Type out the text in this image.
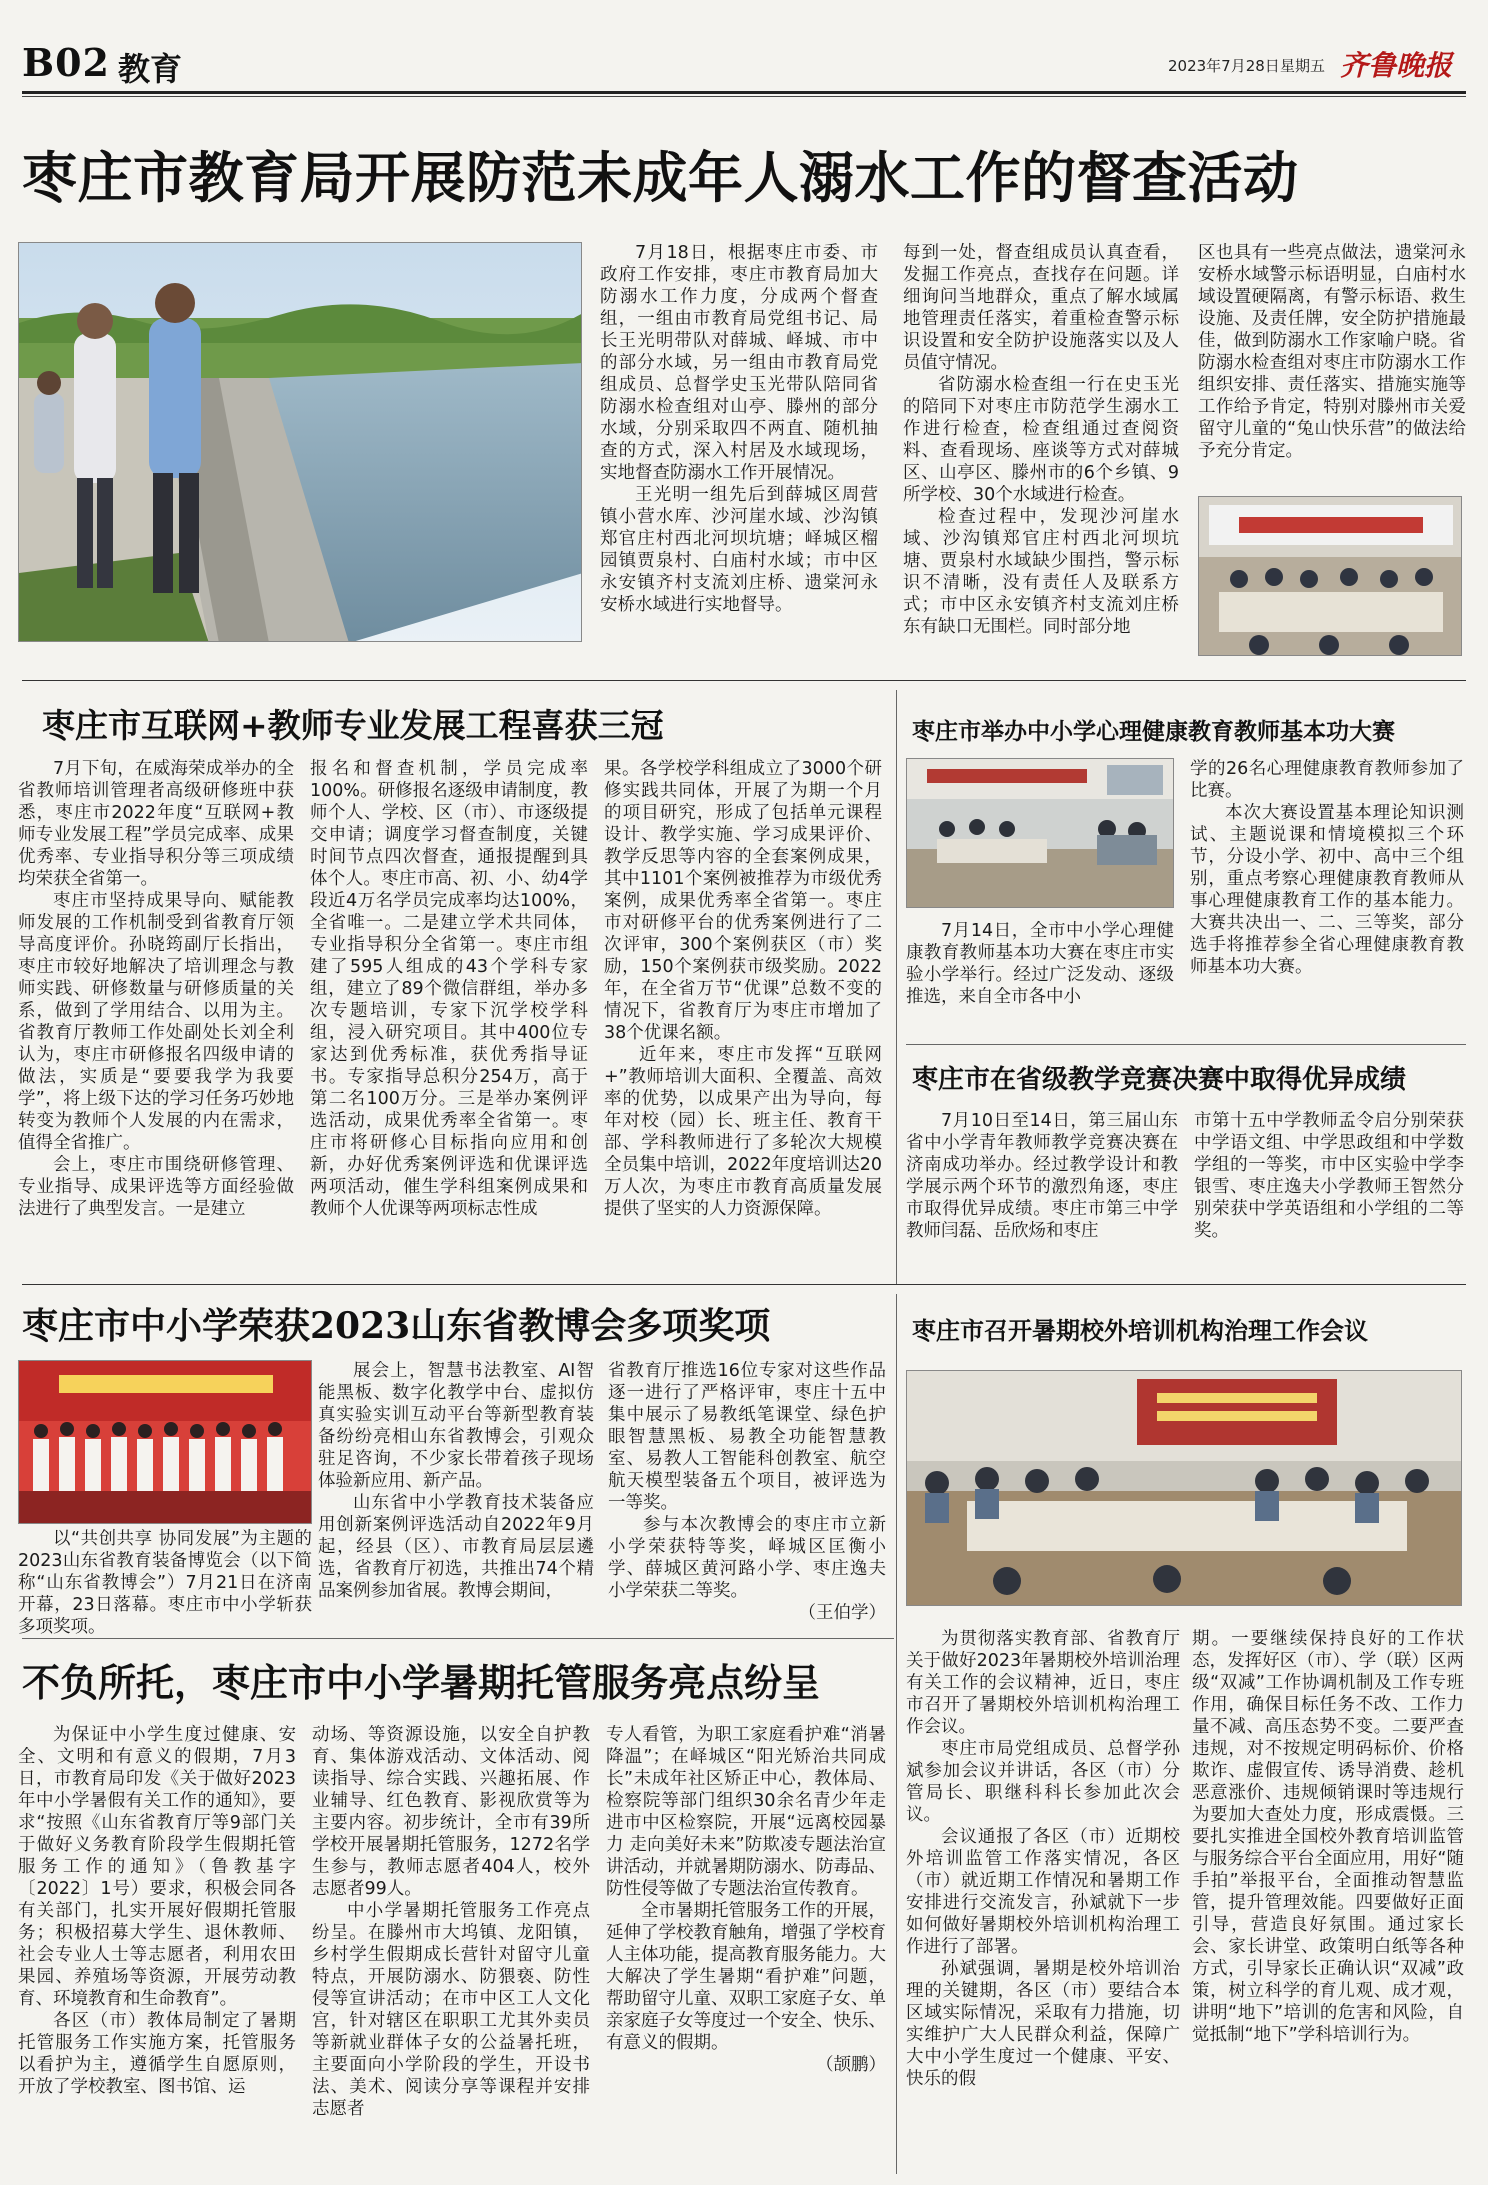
B02 教育	2023年7月28日 星期五 齐鲁晚报
枣庄市教育局开展防范未成年人溺水工作的督查活动

7月18日，根据枣庄市委、市政府工作安排，枣庄市教育局加大防溺水工作力度，分成两个督查组，一组由市教育局党组书记、局长王光明带队对薛城、峄城、市中的部分水域，另一组由市教育局党组成员、总督学史玉光带队陪同省防溺水检查组对山亭、滕州的部分水域，分别采取四不两直、随机抽查的方式，深入村居及水域现场，实地督查防溺水工作开展情况。

王光明一组先后到薛城区周营镇小营水库、沙河崖水域、沙沟镇郑官庄村西北河坝坑塘；峄城区榴园镇贾泉村、白庙村水域；市中区永安镇齐村支流刘庄桥、遗棠河永安桥水域进行实地督导。

每到一处，督查组成员认真查看，发掘工作亮点，查找存在问题。详细询问当地群众，重点了解水域属地管理责任落实，着重检查警示标识设置和安全防护设施落实以及人员值守情况。

省防溺水检查组一行在史玉光的陪同下对枣庄市防范学生溺水工作进行检查，检查组通过查阅资料、查看现场、座谈等方式对薛城区、山亭区、滕州市的6个乡镇、9所学校、30个水域进行检查。

检查过程中，发现沙河崖水域、沙沟镇郑官庄村西北河坝坑塘、贾泉村水域缺少围挡，警示标识不清晰，没有责任人及联系方式；市中区永安镇齐村支流刘庄桥东有缺口无围栏。同时部分地

区也具有一些亮点做法，遗棠河永安桥水域警示标语明显，白庙村水域设置硬隔离，有警示标语、救生设施、及责任牌，安全防护措施最佳，做到防溺水工作家喻户晓。省防溺水检查组对枣庄市防溺水工作组织安排、责任落实、措施实施等工作给予肯定，特别对滕州市关爱留守儿童的“兔山快乐营”的做法给予充分肯定。

枣庄市互联网+教师专业发展工程喜获三冠

7月下旬，在威海荣成举办的全省教师培训管理者高级研修班中获悉，枣庄市2022年度“互联网+教师专业发展工程”学员完成率、成果优秀率、专业指导积分等三项成绩均荣获全省第一。

枣庄市坚持成果导向、赋能教师发展的工作机制受到省教育厅领导高度评价。孙晓筠副厅长指出，枣庄市较好地解决了培训理念与教师实践、研修数量与研修质量的关系，做到了学用结合、以用为主。省教育厅教师工作处副处长刘全利认为，枣庄市研修报名四级申请的做法，实质是“要要我学为我要学”，将上级下达的学习任务巧妙地转变为教师个人发展的内在需求，值得全省推广。

会上，枣庄市围绕研修管理、专业指导、成果评选等方面经验做法进行了典型发言。一是建立

报名和督查机制，学员完成率100%。研修报名逐级申请制度，教师个人、学校、区（市）、市逐级提交申请；调度学习督查制度，关键时间节点四次督查，通报提醒到具体个人。枣庄市高、初、小、幼4学段近4万名学员完成率均达100%，全省唯一。二是建立学术共同体，专业指导积分全省第一。枣庄市组建了595人组成的43个学科专家组，建立了89个微信群组，举办多次专题培训，专家下沉学校学科组，浸入研究项目。其中400位专家达到优秀标准，获优秀指导证书。专家指导总积分254万，高于第二名100万分。三是举办案例评选活动，成果优秀率全省第一。枣庄市将研修心目标指向应用和创新，办好优秀案例评选和优课评选两项活动，催生学科组案例成果和教师个人优课等两项标志性成

果。各学校学科组成立了3000个研修实践共同体，开展了为期一个月的项目研究，形成了包括单元课程设计、教学实施、学习成果评价、教学反思等内容的全套案例成果，其中1101个案例被推荐为市级优秀案例，成果优秀率全省第一。枣庄市对研修平台的优秀案例进行了二次评审，300个案例获区（市）奖励，150个案例获市级奖励。2022年，在全省万节“优课”总数不变的情况下，省教育厅为枣庄市增加了38个优课名额。

近年来，枣庄市发挥“互联网+”教师培训大面积、全覆盖、高效率的优势，以成果产出为导向，每年对校（园）长、班主任、教育干部、学科教师进行了多轮次大规模全员集中培训，2022年度培训达20万人次，为枣庄市教育高质量发展提供了坚实的人力资源保障。

枣庄市举办中小学心理健康教育教师基本功大赛

7月14日，全市中小学心理健康教育教师基本功大赛在枣庄市实验小学举行。经过广泛发动、逐级推选，来自全市各中小

学的26名心理健康教育教师参加了比赛。

本次大赛设置基本理论知识测试、主题说课和情境模拟三个环节，分设小学、初中、高中三个组别，重点考察心理健康教育教师从事心理健康教育工作的基本能力。大赛共决出一、二、三等奖，部分选手将推荐参全省心理健康教育教师基本功大赛。

枣庄市在省级教学竞赛决赛中取得优异成绩

7月10日至14日，第三届山东省中小学青年教师教学竞赛决赛在济南成功举办。经过教学设计和教学展示两个环节的激烈角逐，枣庄市取得优异成绩。枣庄市第三中学教师闫磊、岳欣炀和枣庄

市第十五中学教师孟令启分别荣获中学语文组、中学思政组和中学数学组的一等奖，市中区实验中学李银雪、枣庄逸夫小学教师王智然分别荣获中学英语组和小学组的二等奖。

枣庄市中小学荣获2023山东省教博会多项奖项

以“共创共享 协同发展”为主题的2023山东省教育装备博览会（以下简称“山东省教博会”）7月21日在济南开幕，23日落幕。枣庄市中小学斩获多项奖项。

展会上，智慧书法教室、AI智能黑板、数字化教学中台、虚拟仿真实验实训互动平台等新型教育装备纷纷亮相山东省教博会，引观众驻足咨询，不少家长带着孩子现场体验新应用、新产品。

山东省中小学教育技术装备应用创新案例评选活动自2022年9月起，经县（区）、市教育局层层遴选，省教育厅初选，共推出74个精品案例参加省展。教博会期间，

省教育厅推选16位专家对这些作品逐一进行了严格评审，枣庄十五中集中展示了易教纸笔课堂、绿色护眼智慧黑板、易教全功能智慧教室、易教人工智能科创教室、航空航天模型装备五个项目，被评选为一等奖。

参与本次教博会的枣庄市立新小学荣获特等奖，峄城区匡衡小学、薛城区黄河路小学、枣庄逸夫小学荣获二等奖。

（王伯学）
枣庄市召开暑期校外培训机构治理工作会议

为贯彻落实教育部、省教育厅关于做好2023年暑期校外培训治理有关工作的会议精神，近日，枣庄市召开了暑期校外培训机构治理工作会议。

枣庄市局党组成员、总督学孙斌参加会议并讲话，各区（市）分管局长、职继科科长参加此次会议。

会议通报了各区（市）近期校外培训监管工作落实情况，各区（市）就近期工作情况和暑期工作安排进行交流发言，孙斌就下一步如何做好暑期校外培训机构治理工作进行了部署。

孙斌强调，暑期是校外培训治理的关键期，各区（市）要结合本区域实际情况，采取有力措施，切实维护广大人民群众利益，保障广大中小学生度过一个健康、平安、快乐的假

期。一要继续保持良好的工作状态，发挥好区（市）、学（联）区两级“双减”工作协调机制及工作专班作用，确保目标任务不改、工作力量不减、高压态势不变。二要严查违规，对不按规定明码标价、价格欺诈、虚假宣传、诱导消费、趁机恶意涨价、违规倾销课时等违规行为要加大查处力度，形成震慑。三要扎实推进全国校外教育培训监管与服务综合平台全面应用，用好“随手拍”举报平台，全面推动智慧监管，提升管理效能。四要做好正面引导，营造良好氛围。通过家长会、家长讲堂、政策明白纸等各种方式，引导家长正确认识“双减”政策，树立科学的育儿观、成才观，讲明“地下”培训的危害和风险，自觉抵制“地下”学科培训行为。

不负所托，枣庄市中小学暑期托管服务亮点纷呈

为保证中小学生度过健康、安全、文明和有意义的假期，7月3日，市教育局印发《关于做好2023年中小学暑假有关工作的通知》，要求“按照《山东省教育厅等9部门关于做好义务教育阶段学生假期托管服务工作的通知》（鲁教基字〔2022〕1号）要求，积极会同各有关部门，扎实开展好假期托管服务；积极招募大学生、退休教师、社会专业人士等志愿者，利用农田果园、养殖场等资源，开展劳动教育、环境教育和生命教育”。

各区（市）教体局制定了暑期托管服务工作实施方案，托管服务以看护为主，遵循学生自愿原则，开放了学校教室、图书馆、运

动场、等资源设施，以安全自护教育、集体游戏活动、文体活动、阅读指导、综合实践、兴趣拓展、作业辅导、红色教育、影视欣赏等为主要内容。初步统计，全市有39所学校开展暑期托管服务，1272名学生参与，教师志愿者404人，校外志愿者99人。

中小学暑期托管服务工作亮点纷呈。在滕州市大坞镇、龙阳镇，乡村学生假期成长营针对留守儿童特点，开展防溺水、防猥亵、防性侵等宣讲活动；在市中区工人文化宫，针对辖区在职职工尤其外卖员等新就业群体子女的公益暑托班，主要面向小学阶段的学生，开设书法、美术、阅读分享等课程并安排志愿者

专人看管，为职工家庭看护难“消暑降温”；在峄城区“阳光矫治共同成长”未成年社区矫正中心，教体局、检察院等部门组织30余名青少年走进市中区检察院，开展“远离校园暴力 走向美好未来”防欺凌专题法治宣讲活动，并就暑期防溺水、防毒品、防性侵等做了专题法治宣传教育。

全市暑期托管服务工作的开展，延伸了学校教育触角，增强了学校育人主体功能，提高教育服务能力。大大解决了学生暑期“看护难”问题，帮助留守儿童、双职工家庭子女、单亲家庭子女等度过一个安全、快乐、有意义的假期。

（颉鹏）
